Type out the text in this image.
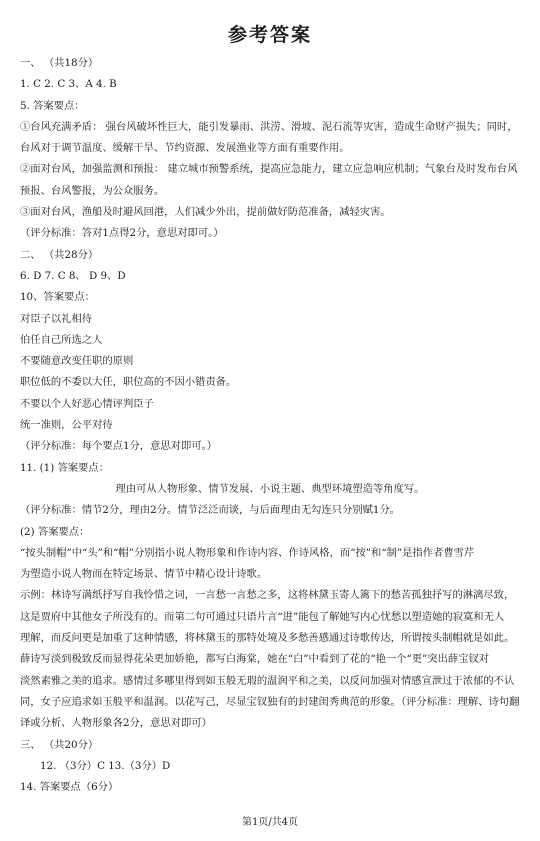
参考答案
一、 （共18分）
1. C 2. C 3、A 4. B
5. 答案要点：
①台风充满矛盾： 强台风破坏性巨大，能引发暴雨、洪涝、滑坡、泥石流等灾害，造成生命财产损失；同时，
台风对于调节温度、缓解干旱、节约资源、发展渔业等方面有重要作用。
②面对台风，加强监测和预报： 建立城市预警系统，提高应急能力，建立应急响应机制；气象台及时发布台风
预报、台风警报，为公众服务。
③面对台风，渔船及时避风回港，人们减少外出，提前做好防范准备，减轻灾害。
（评分标准：答对1点得2分，意思对即可。）
二、 （共28分）
6. D 7. C 8、 D 9、D
10、答案要点：
对臣子以礼相待
伯任自己所选之人
不要随意改变任职的原则
职位低的不委以大任，职位高的不因小错责备。
不要以个人好恶心情评判臣子
统一准则，公平对待
（评分标准：每个要点1分，意思对即可。）
11. (1) 答案要点：
理由可从人物形象、情节发展、小说主题、典型环境塑造等角度写。
（评分标准：情节2分，理由2分。情节泛泛而谈，与后面理由无勾连只分别赋1分。
(2) 答案要点：
“按头制帽”中“头”和“帽”分别指小说人物形象和作诗内容、作诗风格，而“按”和“制”是指作者曹雪芹
为塑造小说人物而在特定场景、情节中精心设计诗歌。
示例：林诗写满纸抒写自我怜惜之词，一言愁一言愁之多，这将林黛玉寄人篱下的愁苦孤独抒写的淋漓尽致，
这是贾府中其他女子所没有的。而第二句可通过只语片言“进”能包了解她写内心忧愁以塑造她的寂寞和无人
理解，而反问更是加重了这种情感，将林黛玉的那特处境及多愁善感通过诗歌传达，所谓按头制帽就是如此。
薛诗写淡到极致反而显得花朵更加娇艳，都写白海棠，她在“白”中看到了花的“艳一个“更”突出薛宝钗对
淡然素雅之美的追求。感情过多哪里得到如玉般无瑕的温润平和之美，以反问加强对情感宣泄过于浓郁的不认
同，女子应追求如玉般平和温润。以花写己，尽显宝钗独有的封建闺秀典范的形象。（评分标准：理解、诗句翻
译或分析、人物形象各2分，意思对即可）
三、 （共20分）
12. （3分）C 13.（3分）D
14. 答案要点（6分）
第1页/共4页
